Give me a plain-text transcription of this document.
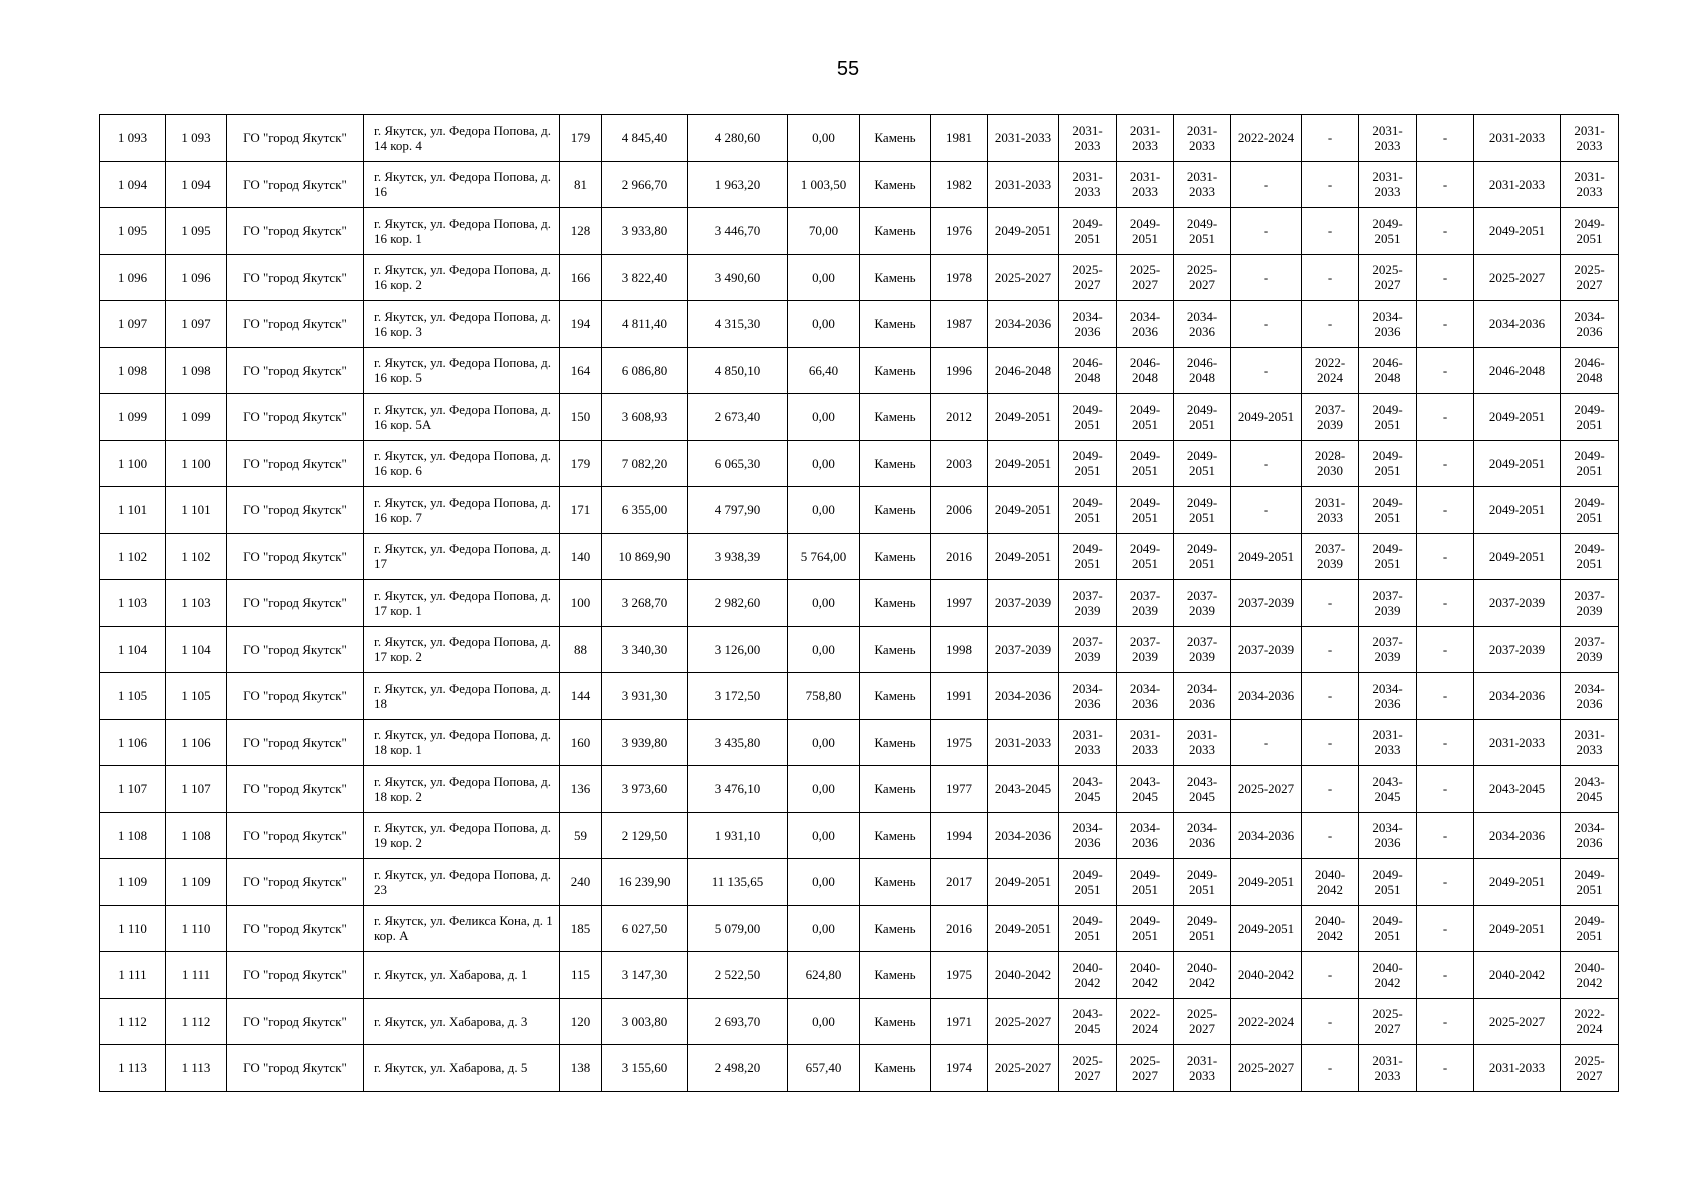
55
1 093	1 093	ГО "город Якутск"	г. Якутск, ул. Федора Попова, д. 14 кор. 4	179	4 845,40	4 280,60	0,00	Камень	1981	2031-2033	2031-2033	2031-2033	2031-2033	2022-2024	-	2031-2033	-	2031-2033	2031-2033
1 094	1 094	ГО "город Якутск"	г. Якутск, ул. Федора Попова, д. 16	81	2 966,70	1 963,20	1 003,50	Камень	1982	2031-2033	2031-2033	2031-2033	2031-2033	-	-	2031-2033	-	2031-2033	2031-2033
1 095	1 095	ГО "город Якутск"	г. Якутск, ул. Федора Попова, д. 16 кор. 1	128	3 933,80	3 446,70	70,00	Камень	1976	2049-2051	2049-2051	2049-2051	2049-2051	-	-	2049-2051	-	2049-2051	2049-2051
1 096	1 096	ГО "город Якутск"	г. Якутск, ул. Федора Попова, д. 16 кор. 2	166	3 822,40	3 490,60	0,00	Камень	1978	2025-2027	2025-2027	2025-2027	2025-2027	-	-	2025-2027	-	2025-2027	2025-2027
1 097	1 097	ГО "город Якутск"	г. Якутск, ул. Федора Попова, д. 16 кор. 3	194	4 811,40	4 315,30	0,00	Камень	1987	2034-2036	2034-2036	2034-2036	2034-2036	-	-	2034-2036	-	2034-2036	2034-2036
1 098	1 098	ГО "город Якутск"	г. Якутск, ул. Федора Попова, д. 16 кор. 5	164	6 086,80	4 850,10	66,40	Камень	1996	2046-2048	2046-2048	2046-2048	2046-2048	-	2022-2024	2046-2048	-	2046-2048	2046-2048
1 099	1 099	ГО "город Якутск"	г. Якутск, ул. Федора Попова, д. 16 кор. 5А	150	3 608,93	2 673,40	0,00	Камень	2012	2049-2051	2049-2051	2049-2051	2049-2051	2049-2051	2037-2039	2049-2051	-	2049-2051	2049-2051
1 100	1 100	ГО "город Якутск"	г. Якутск, ул. Федора Попова, д. 16 кор. 6	179	7 082,20	6 065,30	0,00	Камень	2003	2049-2051	2049-2051	2049-2051	2049-2051	-	2028-2030	2049-2051	-	2049-2051	2049-2051
1 101	1 101	ГО "город Якутск"	г. Якутск, ул. Федора Попова, д. 16 кор. 7	171	6 355,00	4 797,90	0,00	Камень	2006	2049-2051	2049-2051	2049-2051	2049-2051	-	2031-2033	2049-2051	-	2049-2051	2049-2051
1 102	1 102	ГО "город Якутск"	г. Якутск, ул. Федора Попова, д. 17	140	10 869,90	3 938,39	5 764,00	Камень	2016	2049-2051	2049-2051	2049-2051	2049-2051	2049-2051	2037-2039	2049-2051	-	2049-2051	2049-2051
1 103	1 103	ГО "город Якутск"	г. Якутск, ул. Федора Попова, д. 17 кор. 1	100	3 268,70	2 982,60	0,00	Камень	1997	2037-2039	2037-2039	2037-2039	2037-2039	2037-2039	-	2037-2039	-	2037-2039	2037-2039
1 104	1 104	ГО "город Якутск"	г. Якутск, ул. Федора Попова, д. 17 кор. 2	88	3 340,30	3 126,00	0,00	Камень	1998	2037-2039	2037-2039	2037-2039	2037-2039	2037-2039	-	2037-2039	-	2037-2039	2037-2039
1 105	1 105	ГО "город Якутск"	г. Якутск, ул. Федора Попова, д. 18	144	3 931,30	3 172,50	758,80	Камень	1991	2034-2036	2034-2036	2034-2036	2034-2036	2034-2036	-	2034-2036	-	2034-2036	2034-2036
1 106	1 106	ГО "город Якутск"	г. Якутск, ул. Федора Попова, д. 18 кор. 1	160	3 939,80	3 435,80	0,00	Камень	1975	2031-2033	2031-2033	2031-2033	2031-2033	-	-	2031-2033	-	2031-2033	2031-2033
1 107	1 107	ГО "город Якутск"	г. Якутск, ул. Федора Попова, д. 18 кор. 2	136	3 973,60	3 476,10	0,00	Камень	1977	2043-2045	2043-2045	2043-2045	2043-2045	2025-2027	-	2043-2045	-	2043-2045	2043-2045
1 108	1 108	ГО "город Якутск"	г. Якутск, ул. Федора Попова, д. 19 кор. 2	59	2 129,50	1 931,10	0,00	Камень	1994	2034-2036	2034-2036	2034-2036	2034-2036	2034-2036	-	2034-2036	-	2034-2036	2034-2036
1 109	1 109	ГО "город Якутск"	г. Якутск, ул. Федора Попова, д. 23	240	16 239,90	11 135,65	0,00	Камень	2017	2049-2051	2049-2051	2049-2051	2049-2051	2049-2051	2040-2042	2049-2051	-	2049-2051	2049-2051
1 110	1 110	ГО "город Якутск"	г. Якутск, ул. Феликса Кона, д. 1 кор. А	185	6 027,50	5 079,00	0,00	Камень	2016	2049-2051	2049-2051	2049-2051	2049-2051	2049-2051	2040-2042	2049-2051	-	2049-2051	2049-2051
1 111	1 111	ГО "город Якутск"	г. Якутск, ул. Хабарова, д. 1	115	3 147,30	2 522,50	624,80	Камень	1975	2040-2042	2040-2042	2040-2042	2040-2042	2040-2042	-	2040-2042	-	2040-2042	2040-2042
1 112	1 112	ГО "город Якутск"	г. Якутск, ул. Хабарова, д. 3	120	3 003,80	2 693,70	0,00	Камень	1971	2025-2027	2043-2045	2022-2024	2025-2027	2022-2024	-	2025-2027	-	2025-2027	2022-2024
1 113	1 113	ГО "город Якутск"	г. Якутск, ул. Хабарова, д. 5	138	3 155,60	2 498,20	657,40	Камень	1974	2025-2027	2025-2027	2025-2027	2031-2033	2025-2027	-	2031-2033	-	2031-2033	2025-2027
